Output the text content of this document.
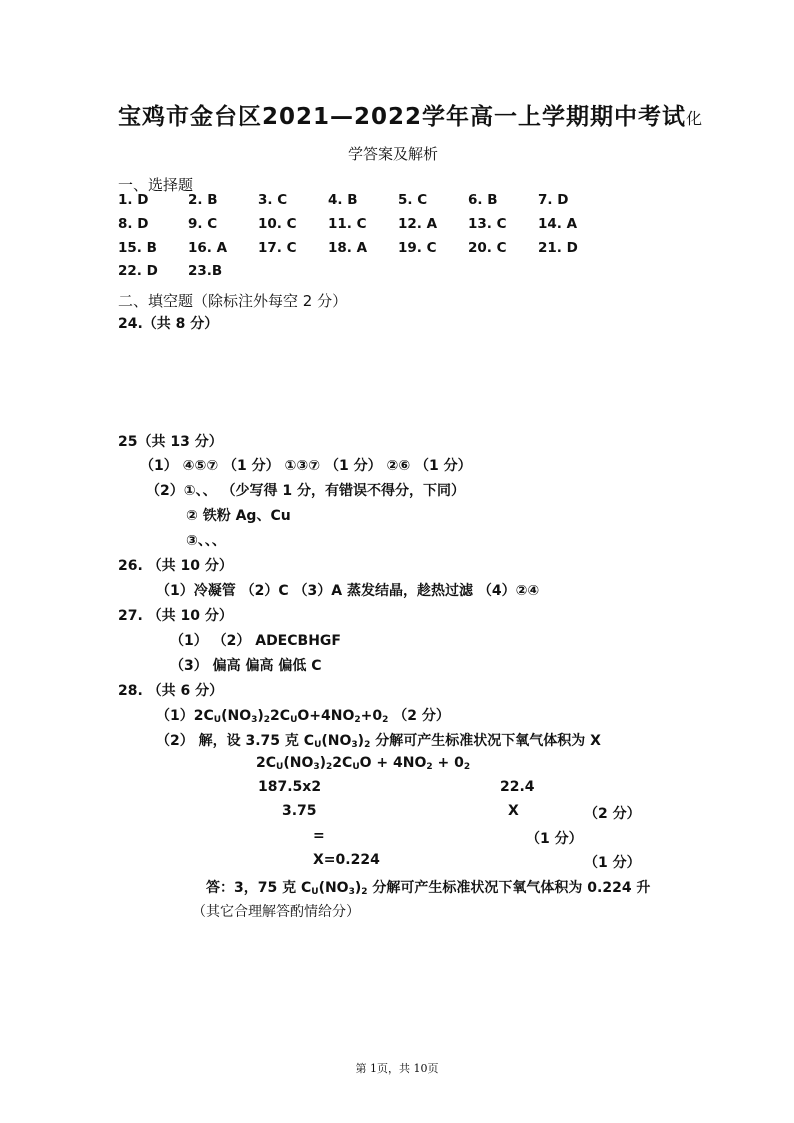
宝鸡市金台区2021—2022学年高一上学期期中考试化
学答案及解析
一、选择题
1. D	2. B	3. C	4. B	5. C	6. B	7. D
8. D	9. C	10. C 11. C 12. A 13. C 14. A
15. B 16. A 17. C 18. A 19. C 20. C 21. D
22. D 23.B
二、填空题（除标注外每空 2 分）
24.（共 8 分）
25（共 13 分）
（1） ④⑤⑦ （1 分） ①③⑦ （1 分） ②⑥ （1 分）
（2）①、、 （少写得 1 分，有错误不得分，下同）
② 铁粉 Ag、Cu
③、、、
26. （共 10 分）
（1）冷凝管 （2）C （3）A 蒸发结晶，趁热过滤 （4）②④
27. （共 10 分）
（1） （2） ADECBHGF
（3） 偏高 偏高 偏低 C
28. （共 6 分）
$(1)2C_U(NO_3)_22C_UO+4NO_2+0_2$ （2 分）
（2） 解，设 3.75 克 $C_U(NO_3)_2$ 分解可产生标准状况下氧气体积为 X
$2C_U(NO_3)_22C_UO + 4NO_2 + 0_2$
187.5x2	22.4
3.75	X	（2 分）
=	（1 分）
X=0.224	（1 分）
答：3，75 克 $C_U(NO_3)_2$ 分解可产生标准状况下氧气体积为 0.224 升
（其它合理解答酌情给分）
第 1页，共 10页
